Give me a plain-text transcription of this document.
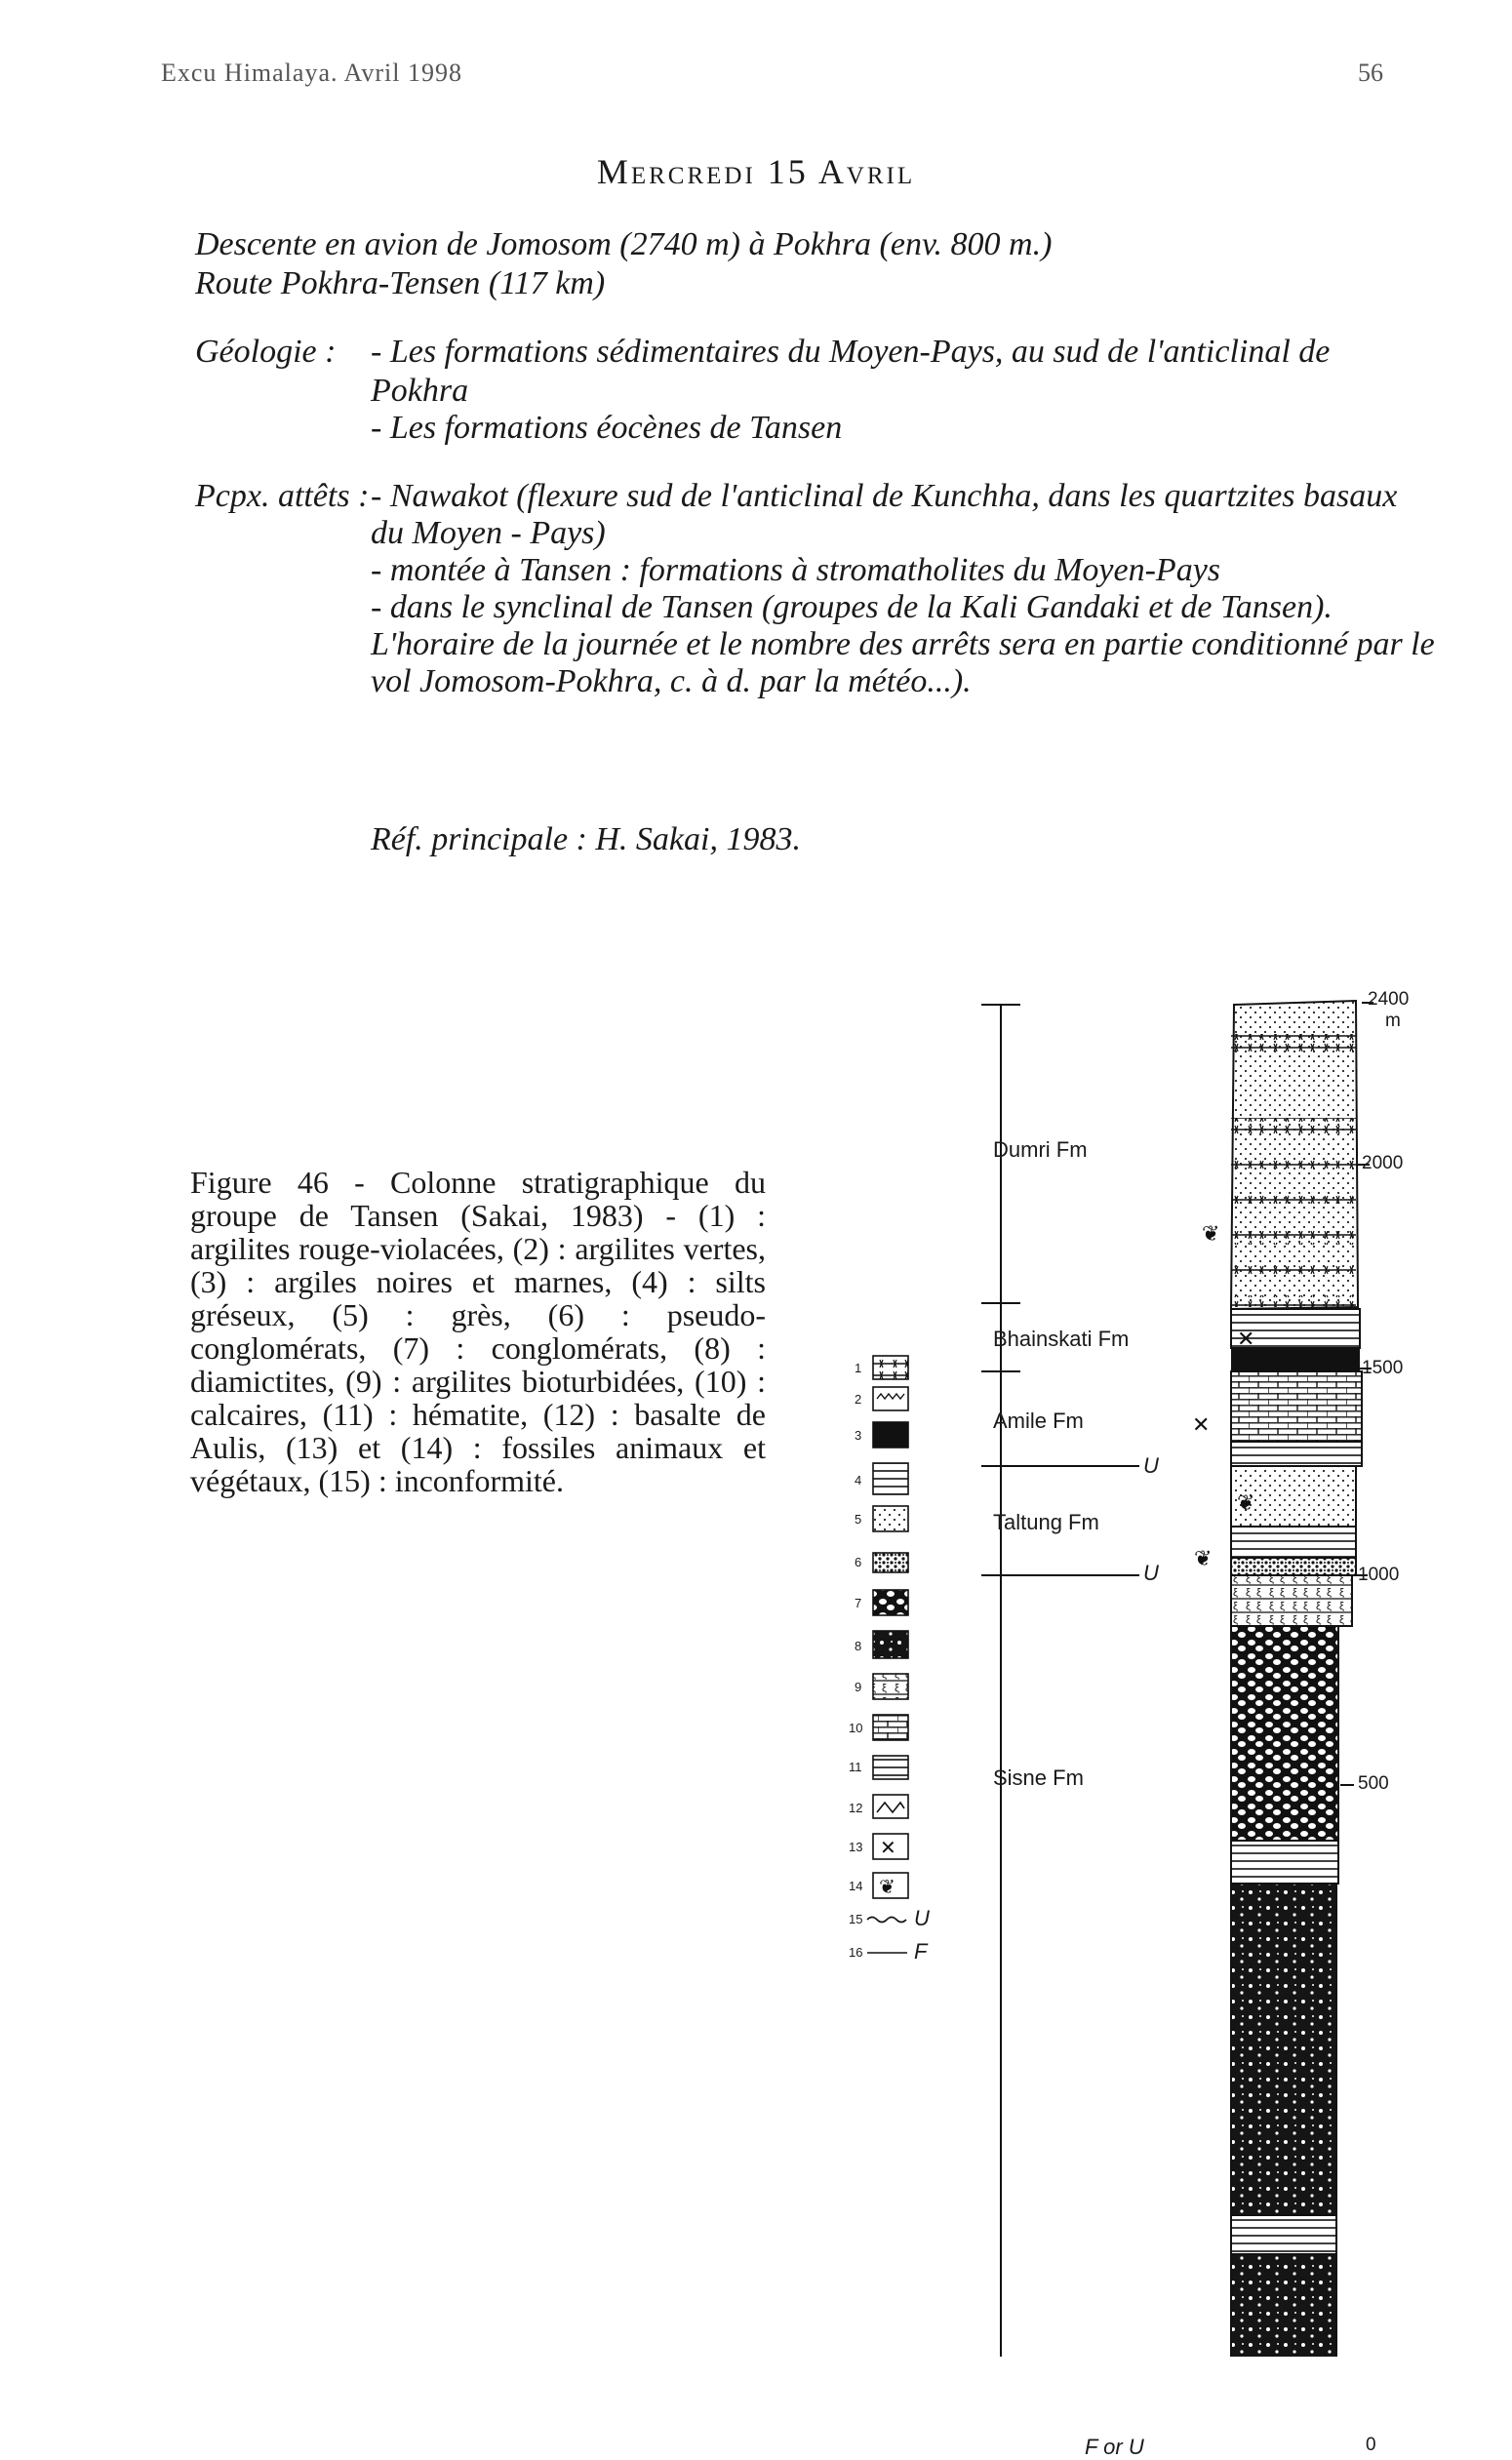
Excu Himalaya. Avril 1998	56
Mercredi 15 Avril
Descente en avion de Jomosom (2740 m) à Pokhra (env. 800 m.)
Route Pokhra-Tensen (117 km)
Géologie : - Les formations sédimentaires du Moyen-Pays, au sud de l'anticlinal de
Pokhra
- Les formations éocènes de Tansen
Pcpx. attêts : - Nawakot (flexure sud de l'anticlinal de Kunchha, dans les quartzites basaux
du Moyen - Pays)
- montée à Tansen : formations à stromatholites du Moyen-Pays
- dans le synclinal de Tansen (groupes de la Kali Gandaki et de Tansen).
L'horaire de la journée et le nombre des arrêts sera en partie conditionné par le
vol Jomosom-Pokhra, c. à d. par la météo...).
Réf. principale : H. Sakai, 1983.
Figure 46 - Colonne stratigraphique du groupe de Tansen (Sakai, 1983) - (1) : argilites rouge-violacées, (2) : argilites vertes, (3) : argiles noires et marnes, (4) : silts gréseux, (5) : grès, (6) : pseudo-conglomérats, (7) : conglomérats, (8) : diamictites, (9) : argilites bioturbidées, (10) : calcaires, (11) : hématite, (12) : basalte de Aulis, (13) et (14) : fossiles animaux et végétaux, (15) : inconformité.
❦
✕
✕
❦
❦
✕
❦
1
2
3
4
5
6
7
8
9
10
11
12
13
14
15
16
U
F
Dumri Fm
Bhainskati Fm
Amile Fm
Taltung Fm
Sisne Fm
U
U
F or U
2400
m
2000
1500
1000
500
0
